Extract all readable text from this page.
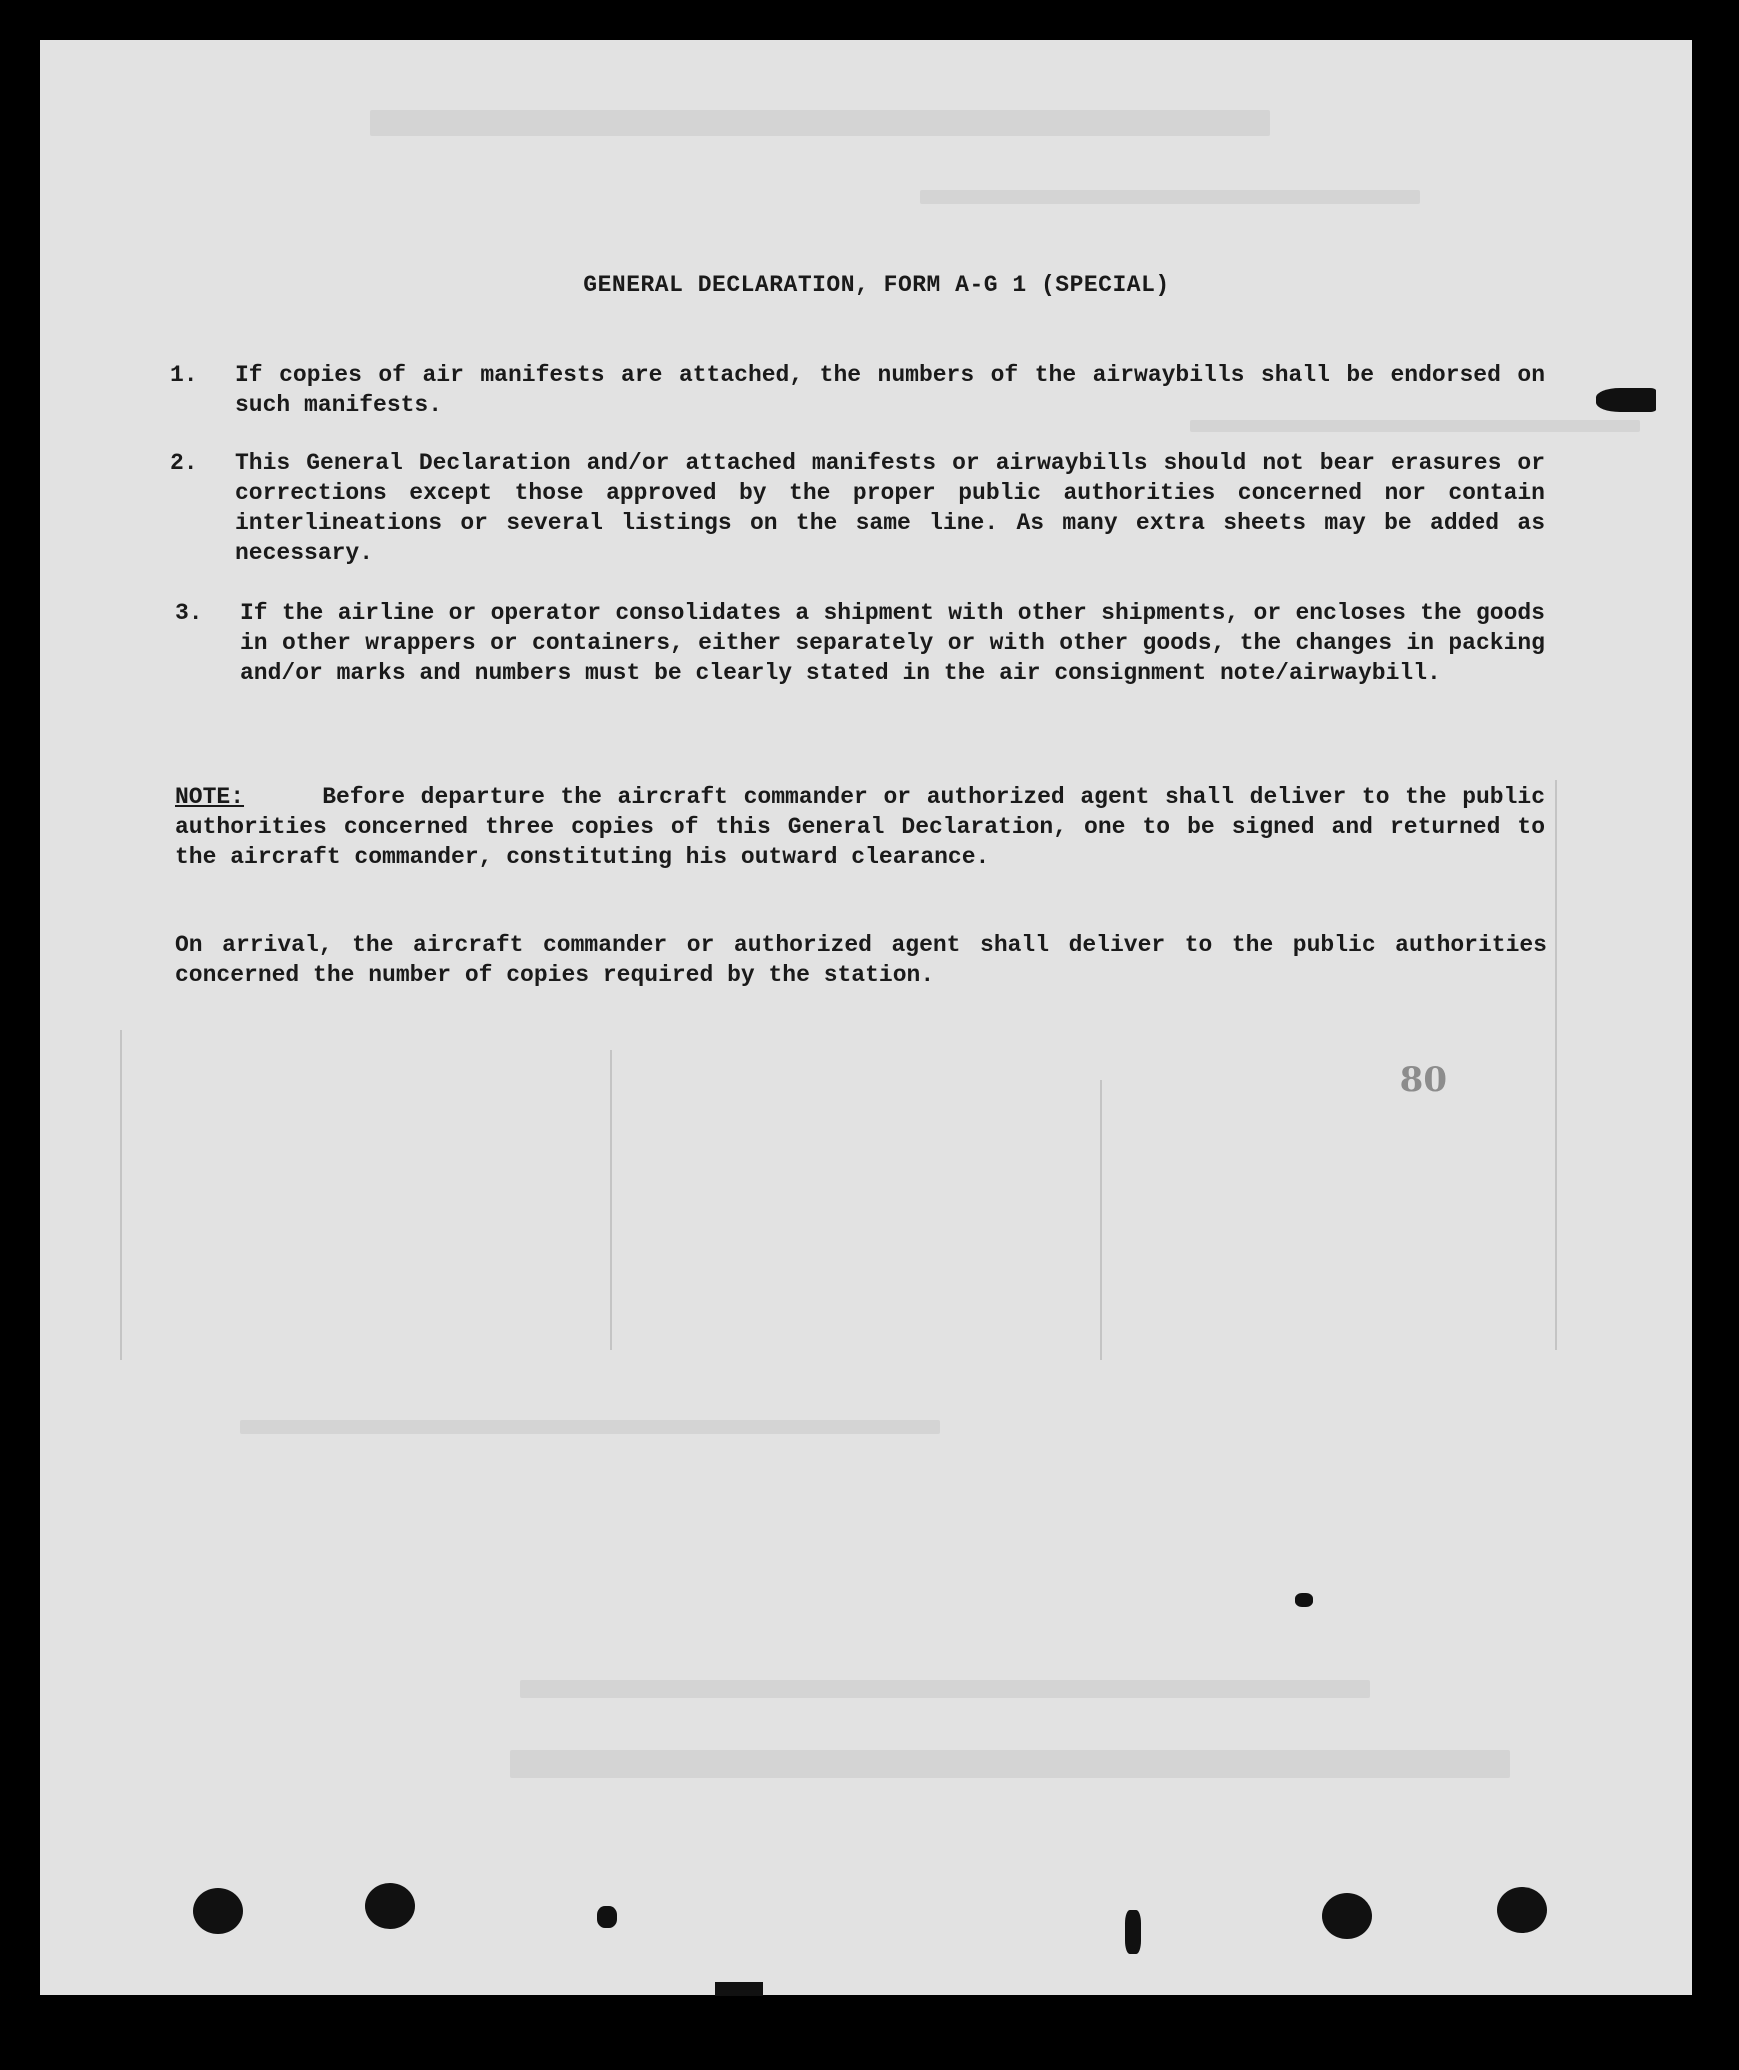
GENERAL DECLARATION, FORM A-G 1 (SPECIAL)
1. If copies of air manifests are attached, the numbers of the airwaybills shall be endorsed on such manifests.
2. This General Declaration and/or attached manifests or airwaybills should not bear erasures or corrections except those approved by the proper public authorities concerned nor contain interlineations or several listings on the same line. As many extra sheets may be added as necessary.
3. If the airline or operator consolidates a shipment with other shipments, or encloses the goods in other wrappers or containers, either separately or with other goods, the changes in packing and/or marks and numbers must be clearly stated in the air consignment note/airwaybill.
NOTE:	Before departure the aircraft commander or authorized agent shall deliver to the public authorities concerned three copies of this General Declaration, one to be signed and returned to the aircraft commander, constituting his outward clearance.
On arrival, the aircraft commander or authorized agent shall deliver to the public authorities concerned the number of copies required by the station.
80
